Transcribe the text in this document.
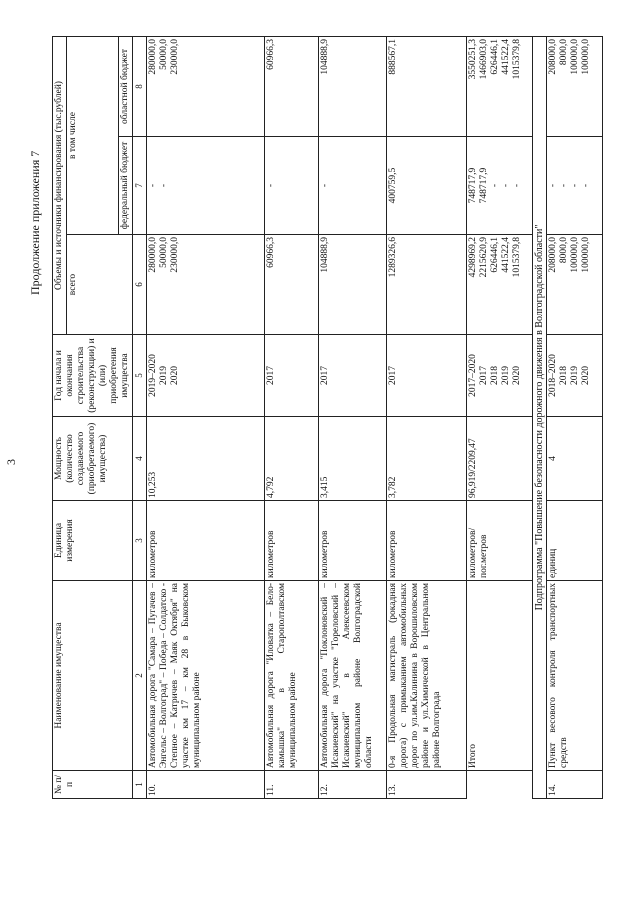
3
Продолжение приложения 7
№ п/п	Наименование имущества	Единица измерения	Мощность (количество создаваемого (приобретаемого) имущества)	Год начала и окончания строительства (реконструкции) и (или) приобретения имущества	Объемы и источники финансирования (тыс.рублей)		
					всего	в том числе	
						федеральный бюджет	областной бюджет
1	2	3	4	5	6	7	8
10.	Автомобильная дорога "Самара – Пугачев – Энгельс – Волгоград" – Победа – Солдатско - Степное – Катричев – Маяк Октября" на участке км 17 – км 28 в Быковском муниципальном районе	километров	10,253	2019–2020 2019 2020	280000,0 50000,0 230000,0	- -	280000,0 50000,0 230000,0

11.	Автомобильная дорога "Иловатка – Бело-камышка" в Старополтавском муниципальном районе	километров	4,792	2017	60966,3	-	60966,3
12.	Автомобильная дорога "Поклоновский – Исакиевский" на участке "Гореловский – Исакиевский" в Алексеевском муниципальном районе Волгоградской области	километров	3,415	2017	104888,9	-	104888,9
13.	0-я Продольная магистраль (рокадная дорога) с примыканием автомобильных дорог по ул.им.Калинина в Ворошиловском районе и ул.Химической в Центральном районе Волгограда	километров	3,782	2017	1289326,6	400759,5	888567,1
	Итого	километров/ пог.метров	96,919/2209,47	2017–2020 2017 2018 2019 2020	4298969,2 2215620,9 626446,1 441522,4 1015379,8	748717,9 748717,9 - - -	3550251,3 1466903,0 626446,1 441522,4 1015379,8

Подпрограмма "Повышение безопасности дорожного движения в Волгоградской области"							
14.	Пункт весового контроля транспортных средств	единиц	4	2018–2020 2018 2019 2020	208000,0 8000,0 100000,0 100000,0	- - - -	208000,0 8000,0 100000,0 100000,0
